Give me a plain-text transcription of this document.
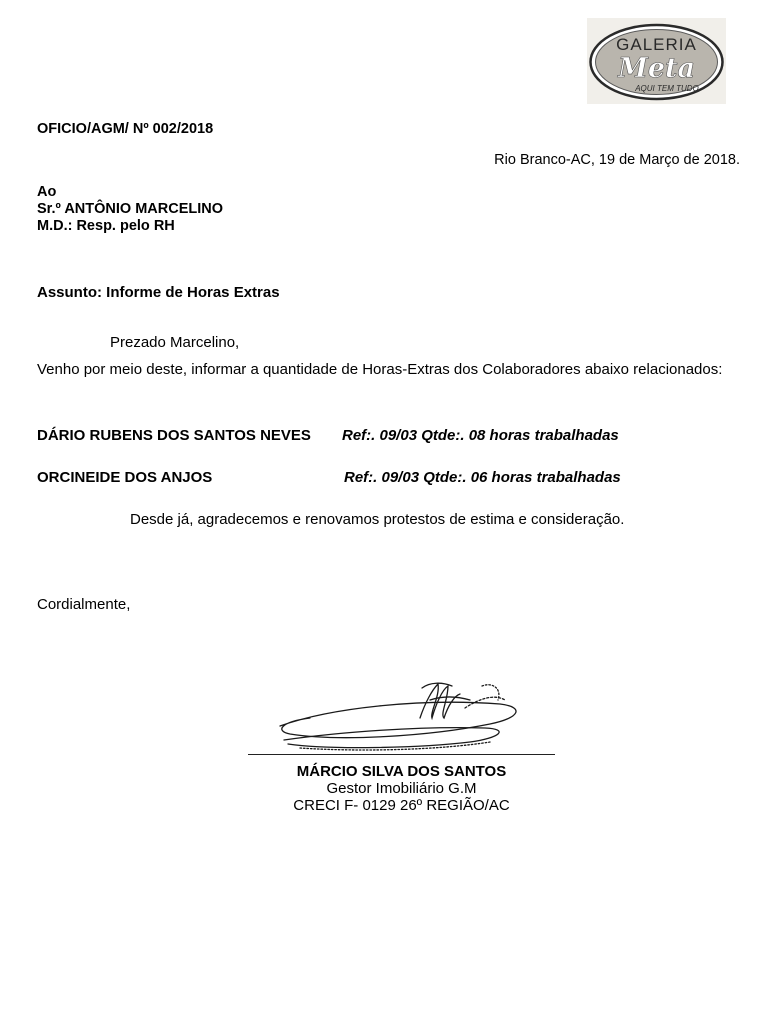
GALERIA
Meta
AQUI TEM TUDO
OFICIO/AGM/ Nº 002/2018
Rio Branco-AC, 19 de Março de 2018.
Ao
Sr.º ANTÔNIO MARCELINO
M.D.: Resp. pelo RH
Assunto: Informe de Horas Extras
Prezado Marcelino,
Venho por meio deste, informar a quantidade de Horas-Extras dos Colaboradores abaixo relacionados:
DÁRIO RUBENS DOS SANTOS NEVES Ref:. 09/03 Qtde:. 08 horas trabalhadas
ORCINEIDE DOS ANJOS	Ref:. 09/03 Qtde:. 06 horas trabalhadas
Desde já, agradecemos e renovamos protestos de estima e consideração.
Cordialmente,
MÁRCIO SILVA DOS SANTOS
Gestor Imobiliário G.M
CRECI F- 0129 26º REGIÃO/AC
